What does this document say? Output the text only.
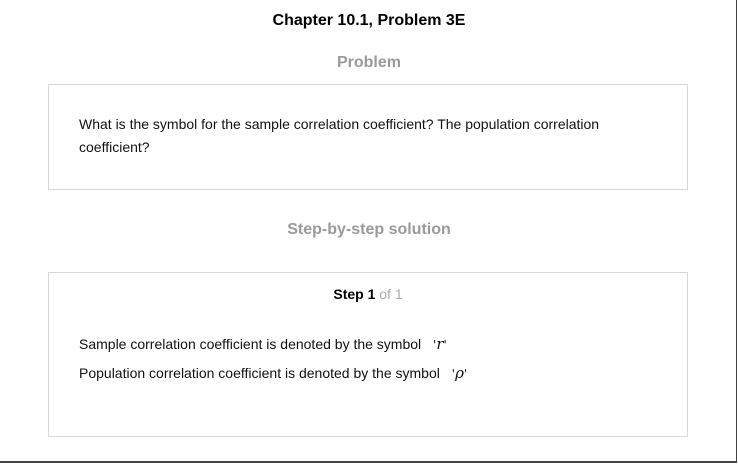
Chapter 10.1, Problem 3E
Problem
What is the symbol for the sample correlation coefficient? The population correlation coefficient?
Step-by-step solution
Step 1 of 1
Sample correlation coefficient is denoted by the symbol 'r'
Population correlation coefficient is denoted by the symbol 'ρ'
